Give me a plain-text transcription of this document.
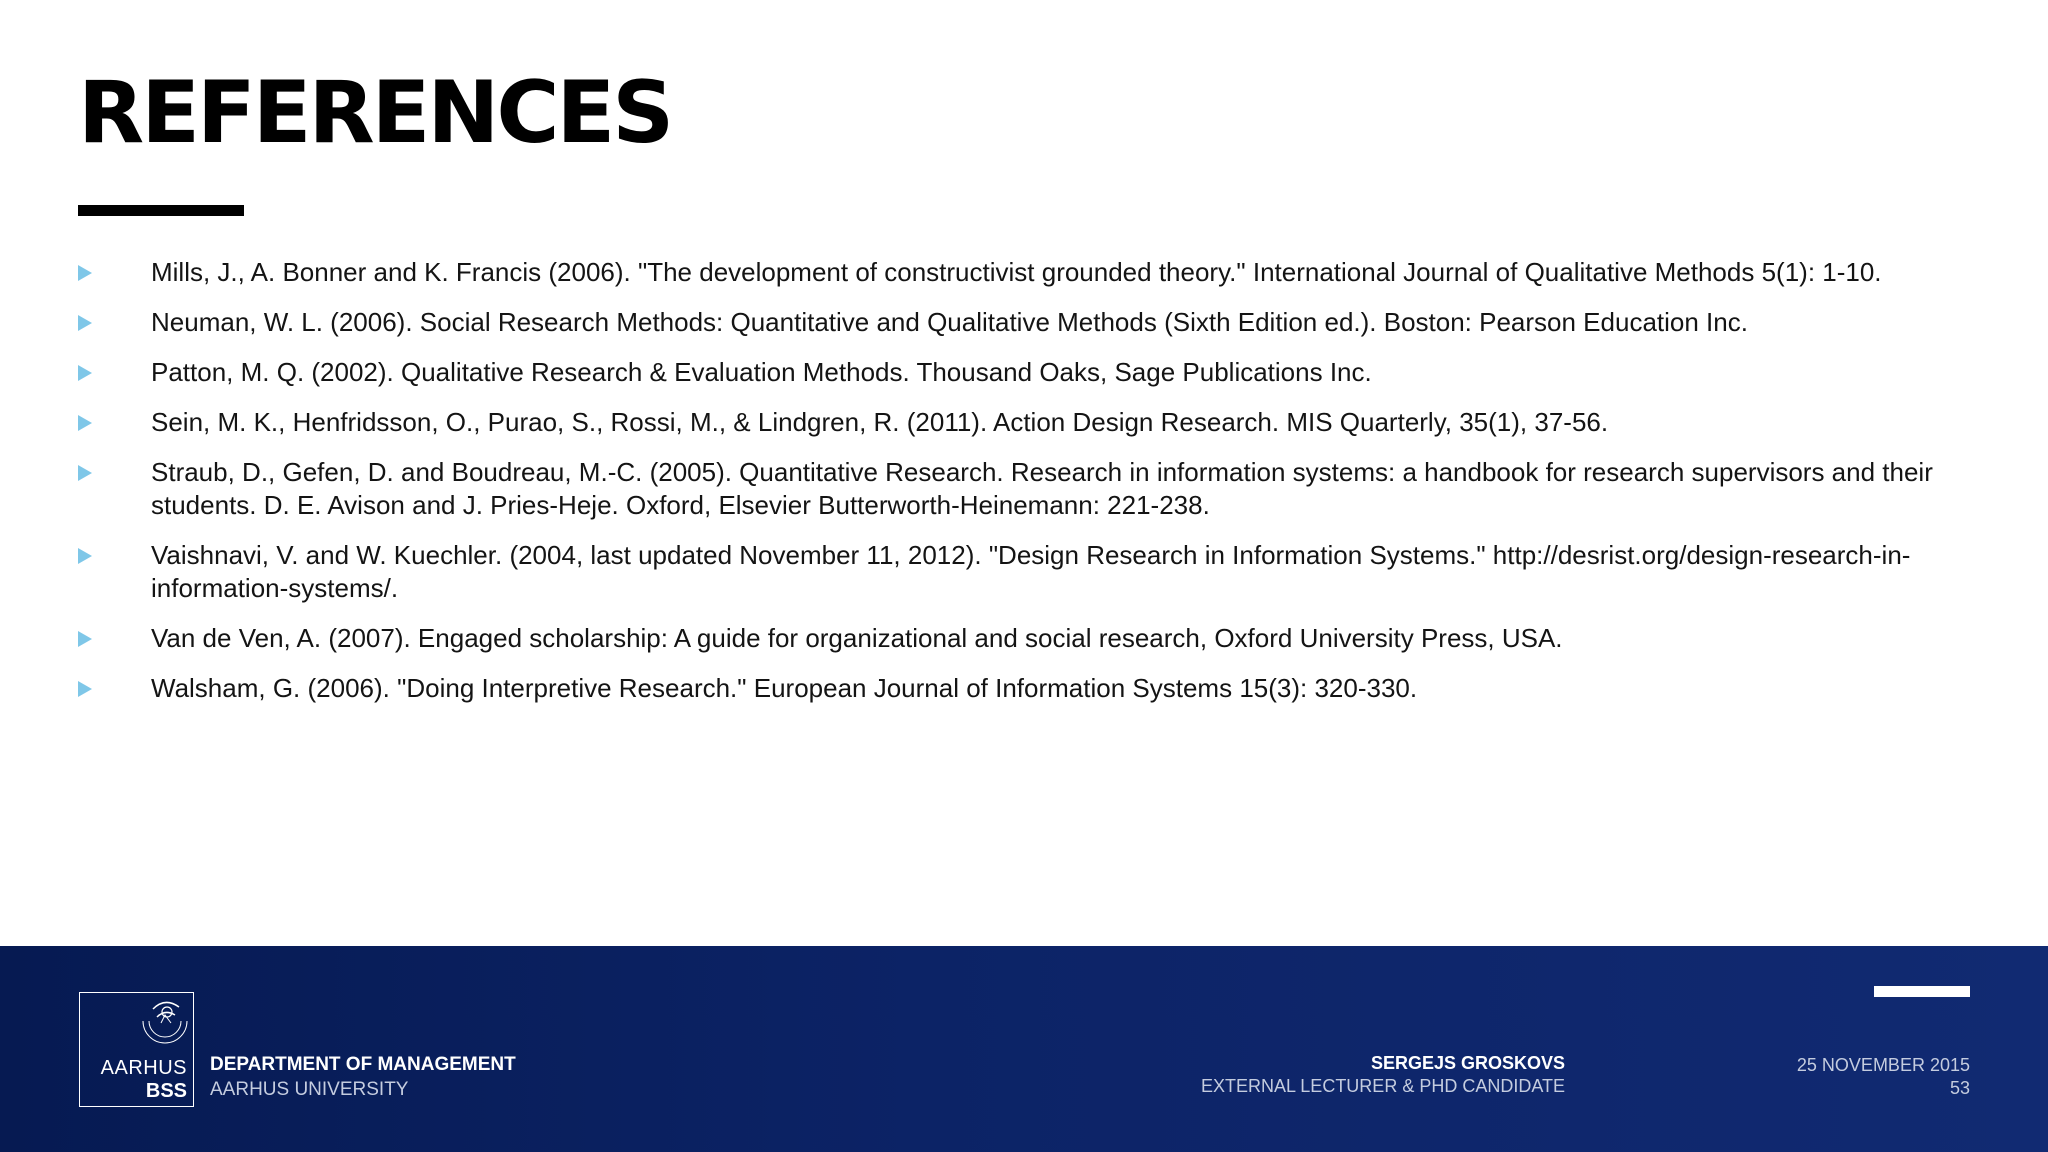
REFERENCES
Mills, J., A. Bonner and K. Francis (2006). "The development of constructivist grounded theory." International Journal of Qualitative Methods 5(1): 1-10.
Neuman, W. L. (2006). Social Research Methods: Quantitative and Qualitative Methods (Sixth Edition ed.). Boston: Pearson Education Inc.
Patton, M. Q. (2002). Qualitative Research & Evaluation Methods. Thousand Oaks, Sage Publications Inc.
Sein, M. K., Henfridsson, O., Purao, S., Rossi, M., & Lindgren, R. (2011). Action Design Research. MIS Quarterly, 35(1), 37-56.
Straub, D., Gefen, D. and Boudreau, M.-C. (2005). Quantitative Research. Research in information systems: a handbook for research supervisors and their students. D. E. Avison and J. Pries-Heje. Oxford, Elsevier Butterworth-Heinemann: 221-238.
Vaishnavi, V. and W. Kuechler. (2004, last updated November 11, 2012). "Design Research in Information Systems." http://desrist.org/design-research-in-information-systems/.
Van de Ven, A. (2007). Engaged scholarship: A guide for organizational and social research, Oxford University Press, USA.
Walsham, G. (2006). "Doing Interpretive Research." European Journal of Information Systems 15(3): 320-330.
AARHUS
BSS
DEPARTMENT OF MANAGEMENT
AARHUS UNIVERSITY
SERGEJS GROSKOVS
EXTERNAL LECTURER & PHD CANDIDATE
25 NOVEMBER 2015
53
